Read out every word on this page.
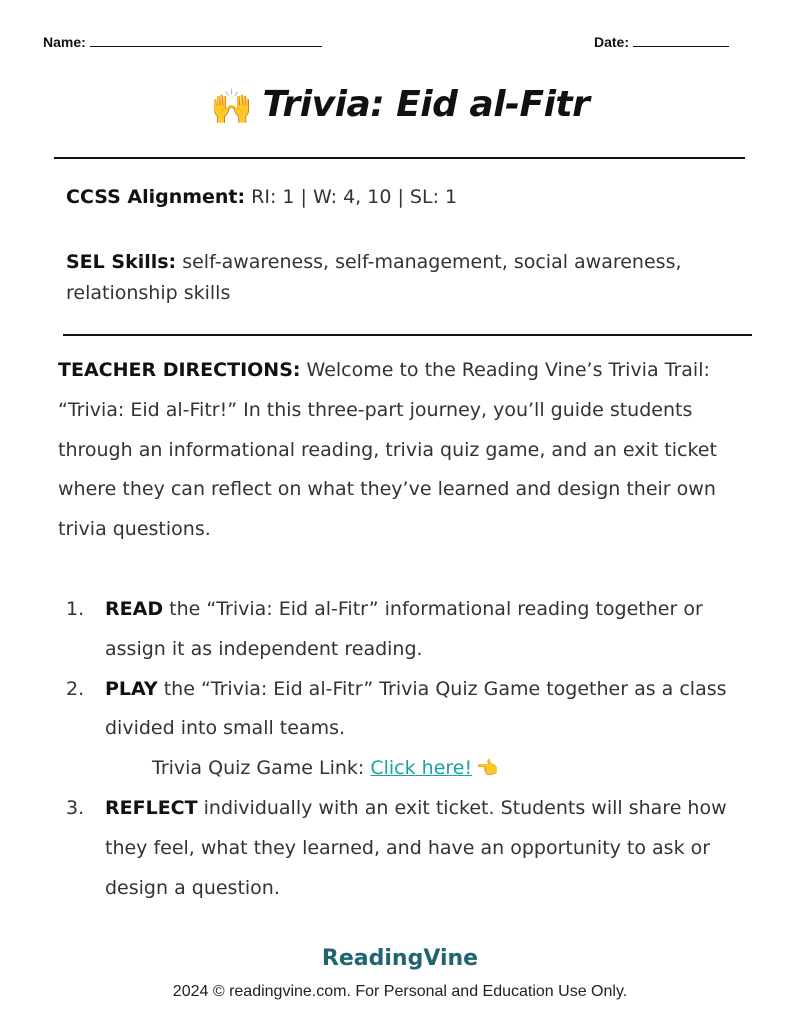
Name:	Date:
🙌 Trivia: Eid al-Fitr
CCSS Alignment: RI: 1 | W: 4, 10 | SL: 1
SEL Skills: self-awareness, self-management, social awareness, relationship skills
TEACHER DIRECTIONS: Welcome to the Reading Vine’s Trivia Trail: “Trivia: Eid al-Fitr!” In this three-part journey, you’ll guide students through an informational reading, trivia quiz game, and an exit ticket where they can reflect on what they’ve learned and design their own trivia questions.
1. READ the “Trivia: Eid al-Fitr” informational reading together or assign it as independent reading.
2. PLAY the “Trivia: Eid al-Fitr” Trivia Quiz Game together as a class divided into small teams.
Trivia Quiz Game Link: Click here! 👈
3. REFLECT individually with an exit ticket. Students will share how they feel, what they learned, and have an opportunity to ask or design a question.
ReadingVine
2024 © readingvine.com. For Personal and Education Use Only.
